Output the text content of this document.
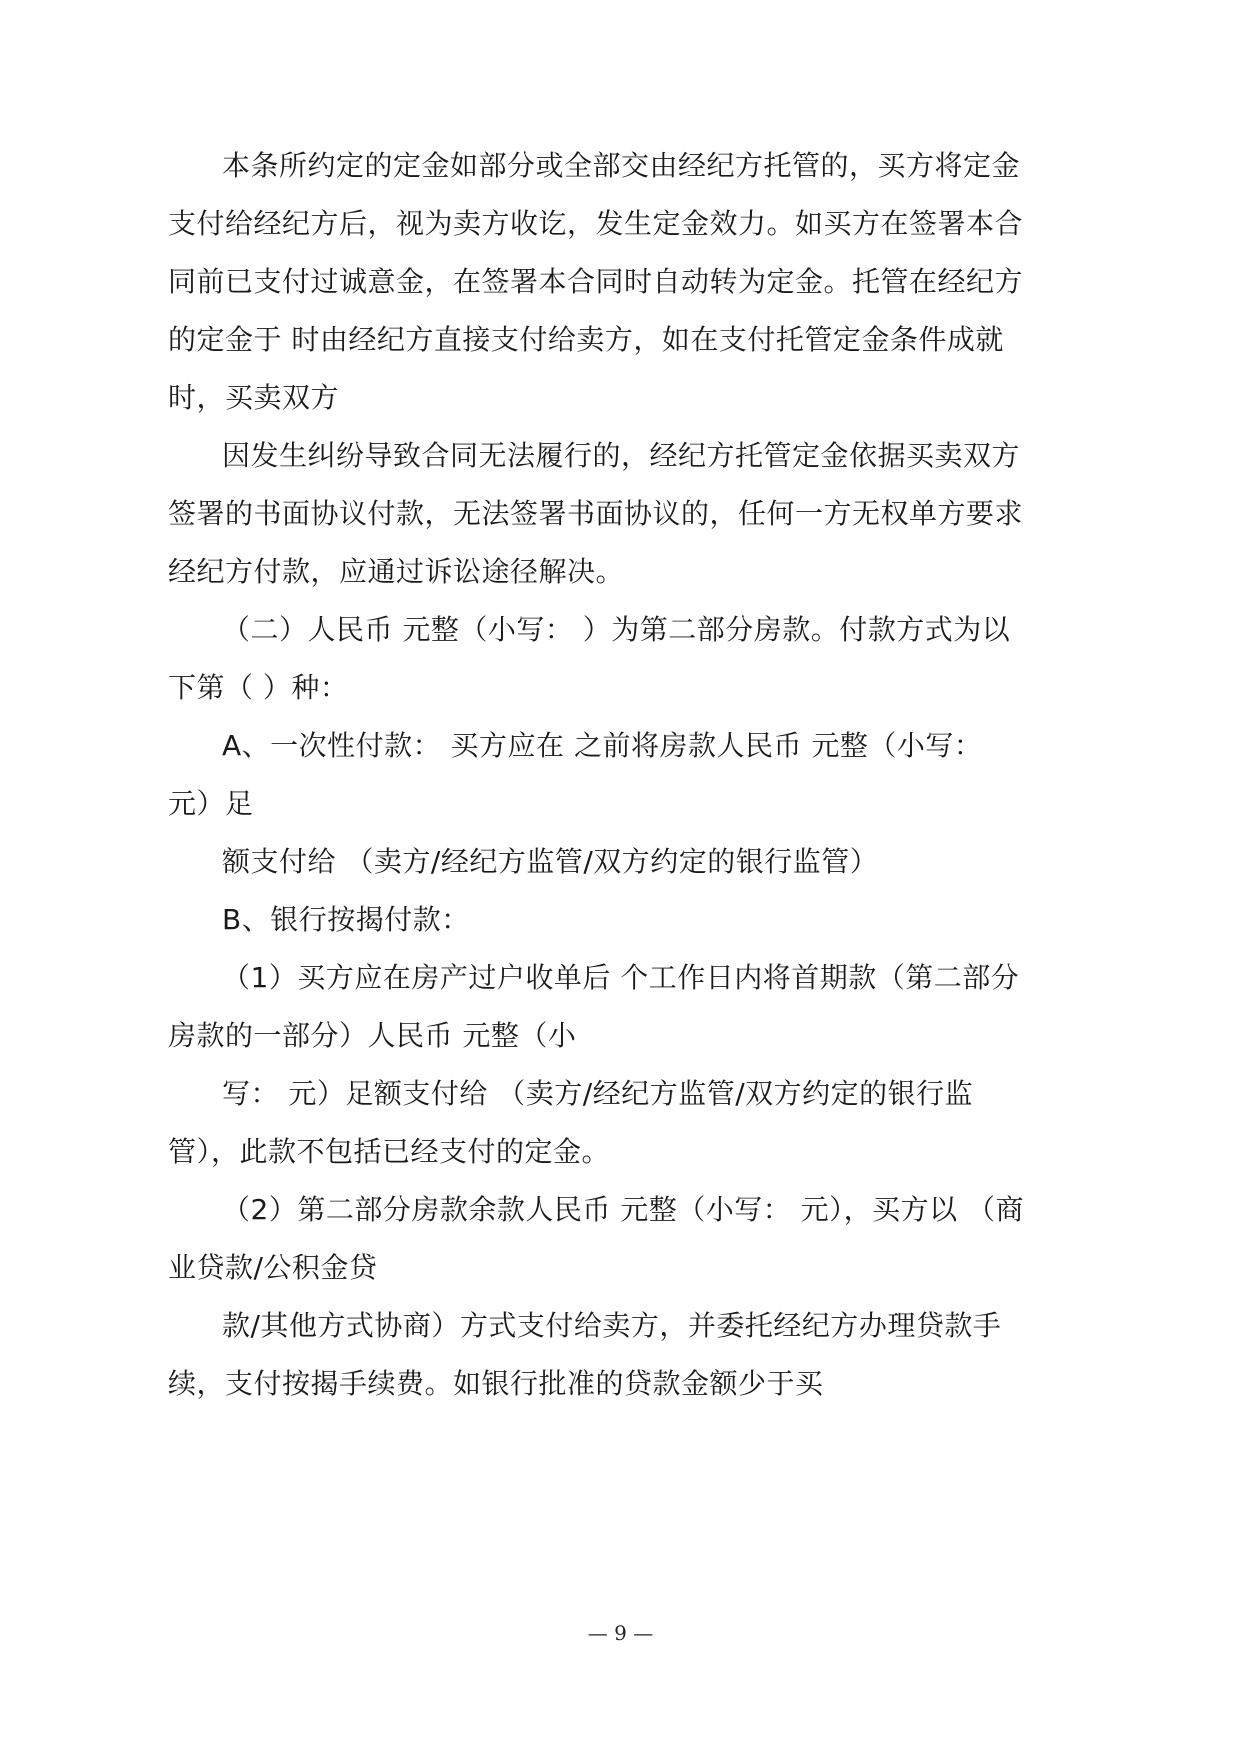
本条所约定的定金如部分或全部交由经纪方托管的，买方将定金
支付给经纪方后，视为卖方收讫，发生定金效力。如买方在签署本合
同前已支付过诚意金，在签署本合同时自动转为定金。托管在经纪方
的定金于 时由经纪方直接支付给卖方，如在支付托管定金条件成就
时，买卖双方
因发生纠纷导致合同无法履行的，经纪方托管定金依据买卖双方
签署的书面协议付款，无法签署书面协议的，任何一方无权单方要求
经纪方付款，应通过诉讼途径解决。
（二）人民币 元整（小写： ）为第二部分房款。付款方式为以
下第（ ）种：
A、一次性付款： 买方应在 之前将房款人民币 元整（小写：
元）足
额支付给 （卖方/经纪方监管/双方约定的银行监管）
B、银行按揭付款：
（1）买方应在房产过户收单后 个工作日内将首期款（第二部分
房款的一部分）人民币 元整（小
写： 元）足额支付给 （卖方/经纪方监管/双方约定的银行监
管），此款不包括已经支付的定金。
（2）第二部分房款余款人民币 元整（小写： 元），买方以 （商
业贷款/公积金贷
款/其他方式协商）方式支付给卖方，并委托经纪方办理贷款手
续，支付按揭手续费。如银行批准的贷款金额少于买
— 9 —
